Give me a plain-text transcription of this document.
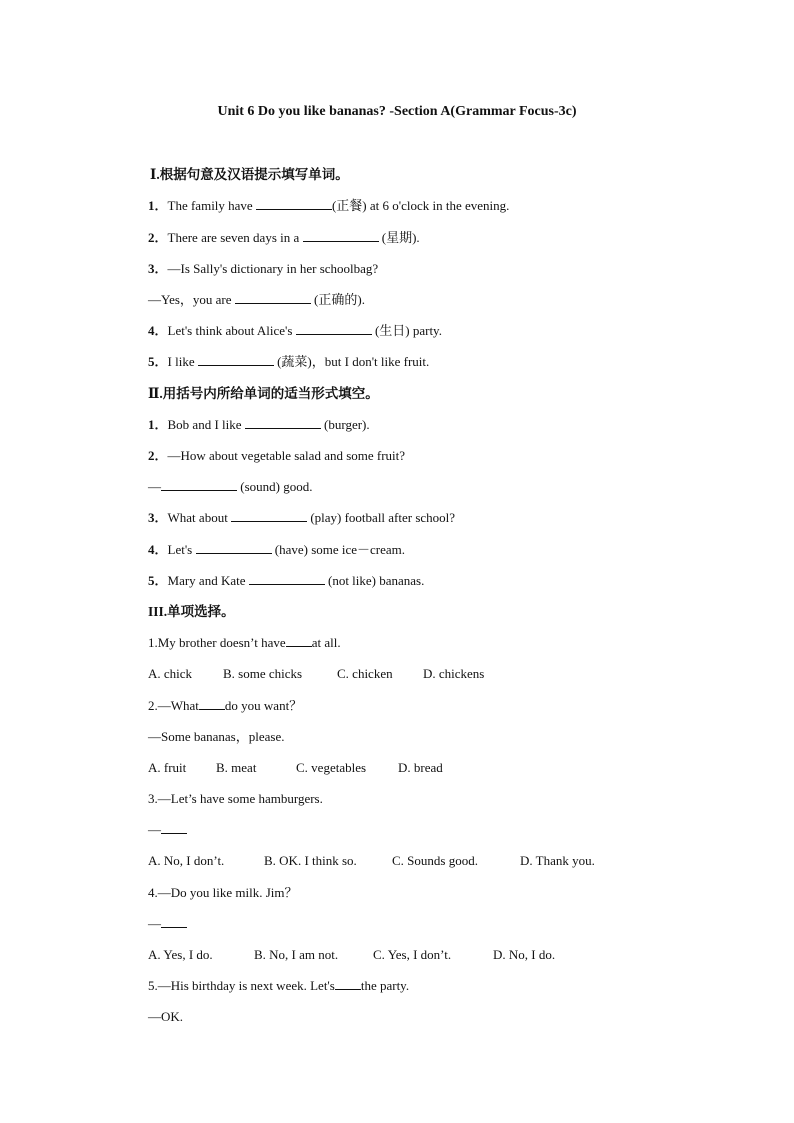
Unit 6 Do you like bananas? -Section A(Grammar Focus-3c)
Ⅰ.根据句意及汉语提示填写单词。
1．The family have	(正餐) at 6 o'clock in the evening.
2．There are seven days in a	(星期).
3．—Is Sally's dictionary in her schoolbag?
—Yes，you are	(正确的).
4．Let's think about Alice's	(生日) party.
5．I like	(蔬菜)，but I don't like fruit.
Ⅱ.用括号内所给单词的适当形式填空。
1．Bob and I like	(burger).
2．—How about vegetable salad and some fruit?
—	(sound) good.
3．What about	(play) football after school?
4．Let's	(have) some ice－cream.
5．Mary and Kate	(not like) bananas.
III.单项选择。
1.My brother doesn’t have at all.
A. chick B. some chicks	C. chicken D. chickens
2.—What do you want？
—Some bananas，please.
A. fruit B. meat	C. vegetables D. bread
3.—Let’s have some hamburgers.
—
A. No, I don’t.	B. OK. I think so.	C. Sounds good.	D. Thank you.
4.—Do you like milk. Jim？
—
A. Yes, I do.	B. No, I am not.	C. Yes, I don’t.	D. No, I do.
5.—His birthday is next week. Let's the party.
—OK.
